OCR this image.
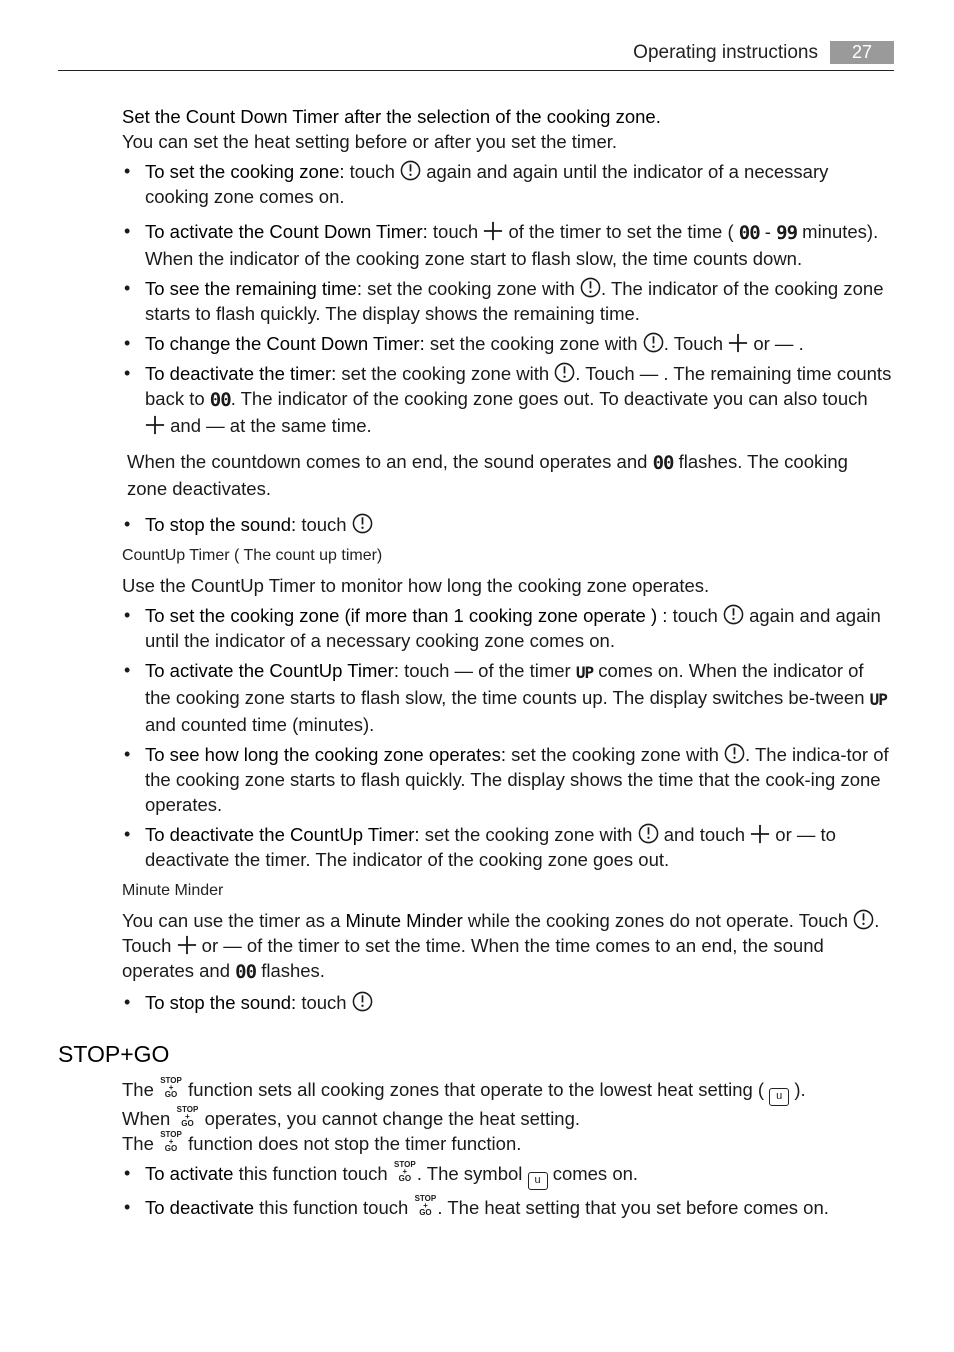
Operating instructions	27

Set the Count Down Timer after the selection of the cooking zone.

You can set the heat setting before or after you set the timer.

• To set the cooking zone: touch again and again until the indicator of a necessary cooking zone comes on.
• To activate the Count Down Timer: touch of the timer to set the time ( 00 - 99 minutes). When the indicator of the cooking zone start to flash slow, the time counts down.
• To see the remaining time: set the cooking zone with . The indicator of the cooking zone starts to flash quickly. The display shows the remaining time.
• To change the Count Down Timer: set the cooking zone with . Touch or — .
• To deactivate the timer: set the cooking zone with . Touch — . The remaining time counts back to 00. The indicator of the cooking zone goes out. To deactivate you can also touch  and — at the same time.

When the countdown comes to an end, the sound operates and 00 flashes. The cooking zone deactivates.

• To stop the sound: touch

CountUp Timer ( The count up timer)

Use the CountUp Timer to monitor how long the cooking zone operates.

• To set the cooking zone (if more than 1 cooking zone operate ) : touch again and again until the indicator of a necessary cooking zone comes on.
• To activate the CountUp Timer: touch — of the timer UP comes on. When the indicator of the cooking zone starts to flash slow, the time counts up. The display switches be-tween UP and counted time (minutes).
• To see how long the cooking zone operates: set the cooking zone with . The indica-tor of the cooking zone starts to flash quickly. The display shows the time that the cook-ing zone operates.
• To deactivate the CountUp Timer: set the cooking zone with and touch or — to deactivate the timer. The indicator of the cooking zone goes out.

Minute Minder

You can use the timer as a Minute Minder while the cooking zones do not operate. Touch . Touch or — of the timer to set the time. When the time comes to an end, the sound operates and 00 flashes.

• To stop the sound: touch
STOP+GO

The STOP
+
GO function sets all cooking zones that operate to the lowest heat setting ( u ).

When STOP
+
GO operates, you cannot change the heat setting.

The STOP
+
GO function does not stop the timer function.

• To activate this function touch STOP
+
GO . The symbol u comes on.
• To deactivate this function touch STOP
+
GO . The heat setting that you set before comes on.
